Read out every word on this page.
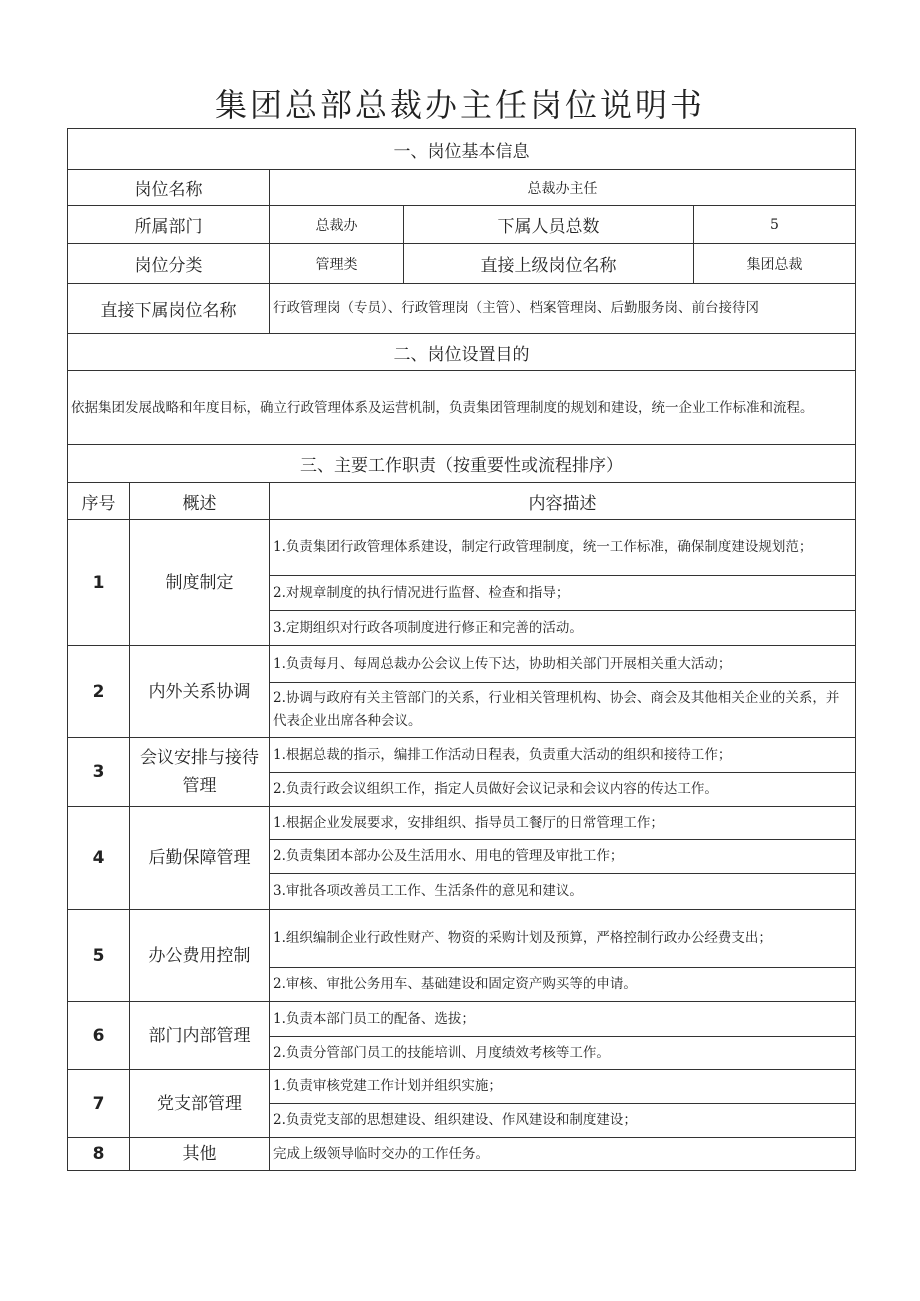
集团总部总裁办主任岗位说明书
一、岗位基本信息				
岗位名称		总裁办主任		
所属部门		总裁办	下属人员总数	5
岗位分类		管理类	直接上级岗位名称	集团总裁
直接下属岗位名称		行政管理岗（专员）、行政管理岗（主管）、档案管理岗、后勤服务岗、前台接待冈		
二、岗位设置目的				
依据集团发展战略和年度目标，确立行政管理体系及运营机制，负责集团管理制度的规划和建设，统一企业工作标准和流程。				
三、主要工作职责（按重要性或流程排序）				
序号	概述	内容描述		
1	制度制定	1.负责集团行政管理体系建设，制定行政管理制度，统一工作标准，确保制度建设规划范；		
		2.对规章制度的执行情况进行监督、检查和指导；		
		3.定期组织对行政各项制度进行修正和完善的活动。		
2	内外关系协调	1.负责每月、每周总裁办公会议上传下达，协助相关部门开展相关重大活动；		
		2.协调与政府有关主管部门的关系，行业相关管理机构、协会、商会及其他相关企业的关系，并代表企业出席各种会议。		
3	会议安排与接待管理	1.根据总裁的指示，编排工作活动日程表，负责重大活动的组织和接待工作；		
		2.负责行政会议组织工作，指定人员做好会议记录和会议内容的传达工作。		
4	后勤保障管理	1.根据企业发展要求，安排组织、指导员工餐厅的日常管理工作；		
		2.负责集团本部办公及生活用水、用电的管理及审批工作；		
		3.审批各项改善员工工作、生活条件的意见和建议。		
5	办公费用控制	1.组织编制企业行政性财产、物资的采购计划及预算，严格控制行政办公经费支出；		
		2.审核、审批公务用车、基础建设和固定资产购买等的申请。		
6	部门内部管理	1.负责本部门员工的配备、选拔；		
		2.负责分管部门员工的技能培训、月度绩效考核等工作。		
7	党支部管理	1.负责审核党建工作计划并组织实施；		
		2.负责党支部的思想建设、组织建设、作风建设和制度建设；		
8	其他	完成上级领导临时交办的工作任务。		
